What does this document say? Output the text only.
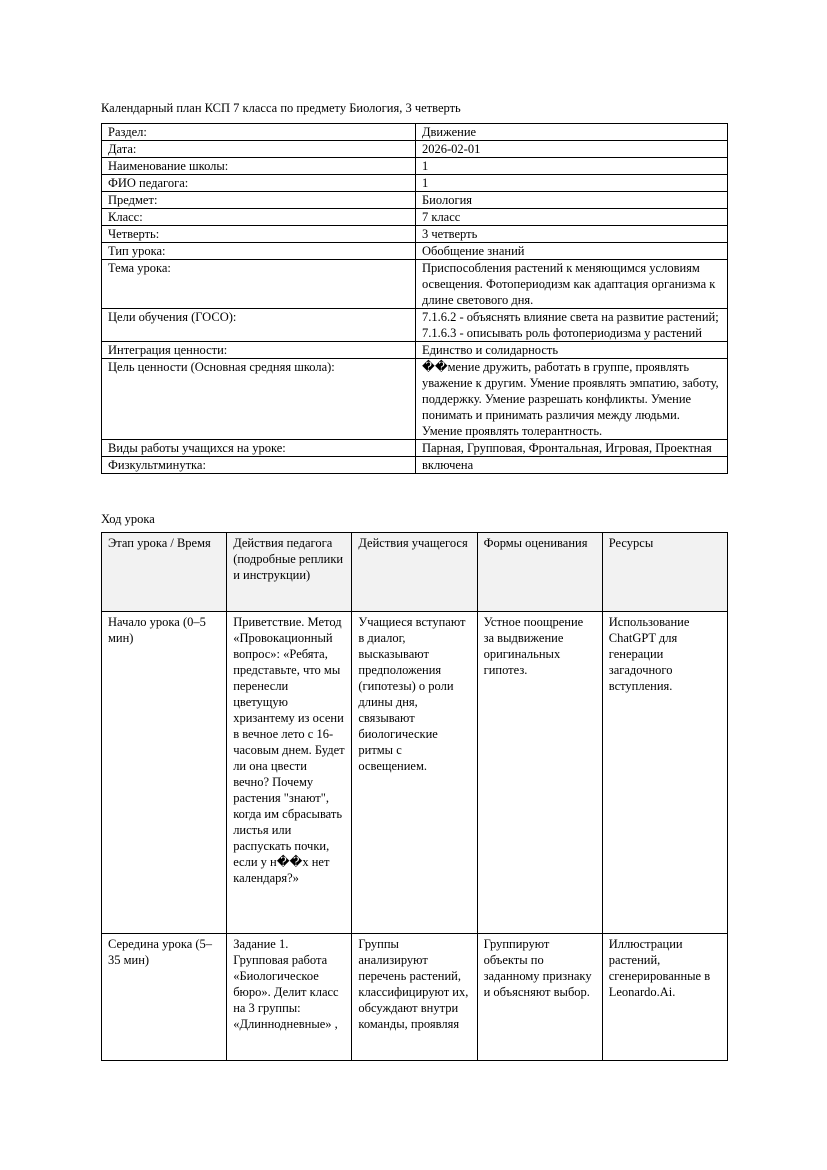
Календарный план КСП 7 класса по предмету Биология, 3 четверть
Раздел:	Движение
Дата:	2026-02-01
Наименование школы:	1
ФИО педагога:	1
Предмет:	Биология
Класс:	7 класс
Четверть:	3 четверть
Тип урока:	Обобщение знаний
Тема урока:	Приспособления растений к меняющимся условиям освещения. Фотопериодизм как адаптация организма к длине светового дня.
Цели обучения (ГОСО):	7.1.6.2 - объяснять влияние света на развитие растений; 7.1.6.3 - описывать роль фотопериодизма у растений
Интеграция ценности:	Единство и солидарность
Цель ценности (Основная средняя школа):	��мение дружить, работать в группе, проявлять уважение к другим. Умение проявлять эмпатию, заботу, поддержку. Умение разрешать конфликты. Умение понимать и принимать различия между людьми. Умение проявлять толерантность.
Виды работы учащихся на уроке:	Парная, Групповая, Фронтальная, Игровая, Проектная
Физкультминутка:	включена
Ход урока
Этап урока / Время	Действия педагога (подробные реплики и инструкции)	Действия учащегося	Формы оценивания	Ресурсы
Начало урока (0–5 мин)	Приветствие. Метод «Провокационный вопрос»: «Ребята, представьте, что мы перенесли цветущую хризантему из осени в вечное лето с 16-часовым днем. Будет ли она цвести вечно? Почему растения "знают", когда им сбрасывать листья или распускать почки, если у н��х нет календаря?»	Учащиеся вступают в диалог, высказывают предположения (гипотезы) о роли длины дня, связывают биологические ритмы с освещением.	Устное поощрение за выдвижение оригинальных гипотез.	Использование ChatGPT для генерации загадочного вступления.

Середина урока (5–35 мин)	Задание 1. Групповая работа «Биологическое бюро». Делит класс на 3 группы: «Длиннодневные» ,	Группы анализируют перечень растений, классифицируют их, обсуждают внутри команды, проявляя	Группируют объекты по заданному признаку и объясняют выбор.	Иллюстрации растений, сгенерированные в Leonardo.Ai.
